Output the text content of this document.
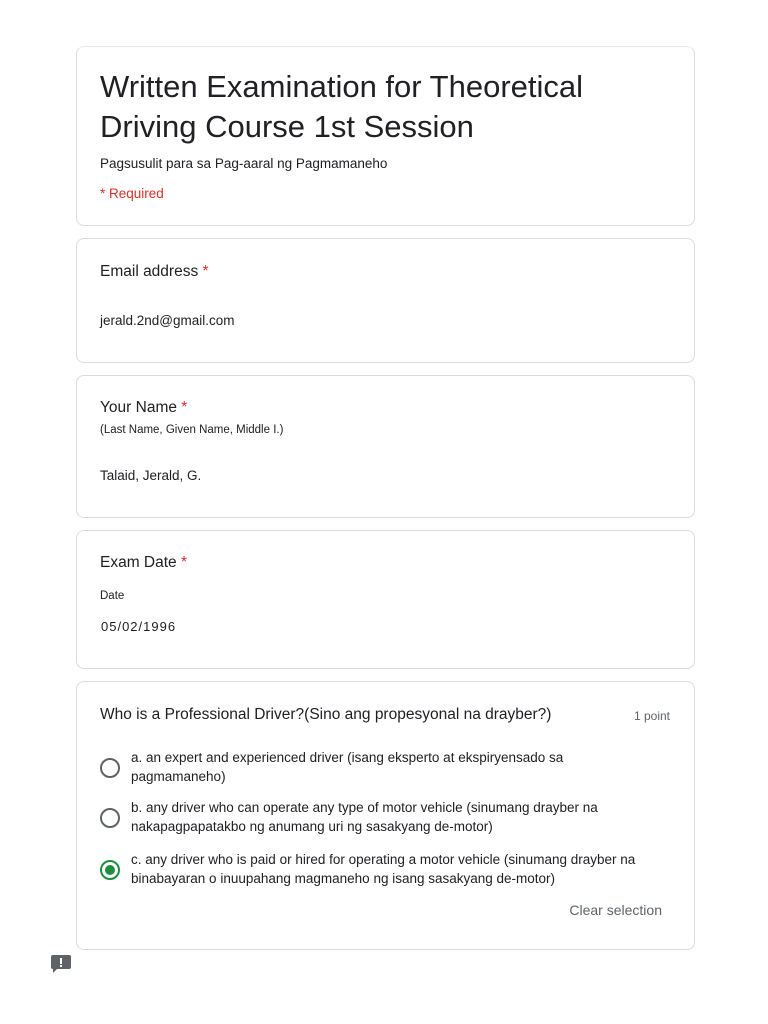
Written Examination for Theoretical Driving Course 1st Session
Pagsusulit para sa Pag-aaral ng Pagmamaneho
* Required
Email address *
jerald.2nd@gmail.com
Your Name *
(Last Name, Given Name, Middle I.)
Talaid, Jerald, G.
Exam Date *
Date
05/02/1996
Who is a Professional Driver?(Sino ang propesyonal na drayber?)	1 point
a. an expert and experienced driver (isang eksperto at ekspiryensado sa pagmamaneho)
b. any driver who can operate any type of motor vehicle (sinumang drayber na nakapagpapatakbo ng anumang uri ng sasakyang de-motor)
c. any driver who is paid or hired for operating a motor vehicle (sinumang drayber na binabayaran o inuupahang magmaneho ng isang sasakyang de-motor)
Clear selection
